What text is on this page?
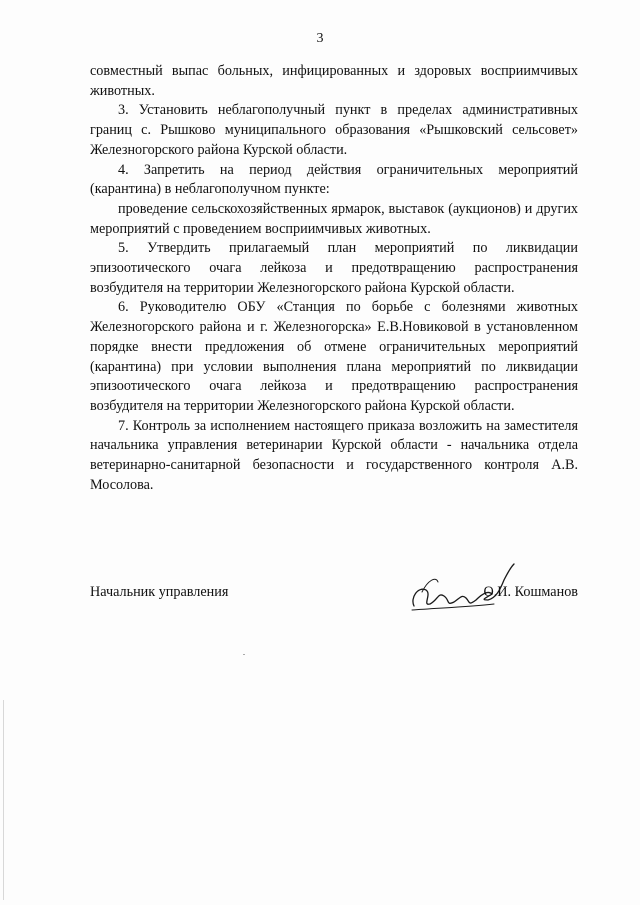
3

совместный выпас больных, инфицированных и здоровых восприимчивых животных.

3. Установить неблагополучный пункт в пределах административных границ с. Рышково муниципального образования «Рышковский сельсовет» Железногорского района Курской области.

4. Запретить на период действия ограничительных мероприятий (карантина) в неблагополучном пункте:

проведение сельскохозяйственных ярмарок, выставок (аукционов) и других мероприятий с проведением восприимчивых животных.

5. Утвердить прилагаемый план мероприятий по ликвидации эпизоотического очага лейкоза и предотвращению распространения возбудителя на территории Железногорского района Курской области.

6. Руководителю ОБУ «Станция по борьбе с болезнями животных Железногорского района и г. Железногорска» Е.В.Новиковой в установленном порядке внести предложения об отмене ограничительных мероприятий (карантина) при условии выполнения плана мероприятий по ликвидации эпизоотического очага лейкоза и предотвращению распространения возбудителя на территории Железногорского района Курской области.

7. Контроль за исполнением настоящего приказа возложить на заместителя начальника управления ветеринарии Курской области - начальника отдела ветеринарно-санитарной безопасности и государственного контроля А.В. Мосолова.

Начальник управления	О.И. Кошманов
